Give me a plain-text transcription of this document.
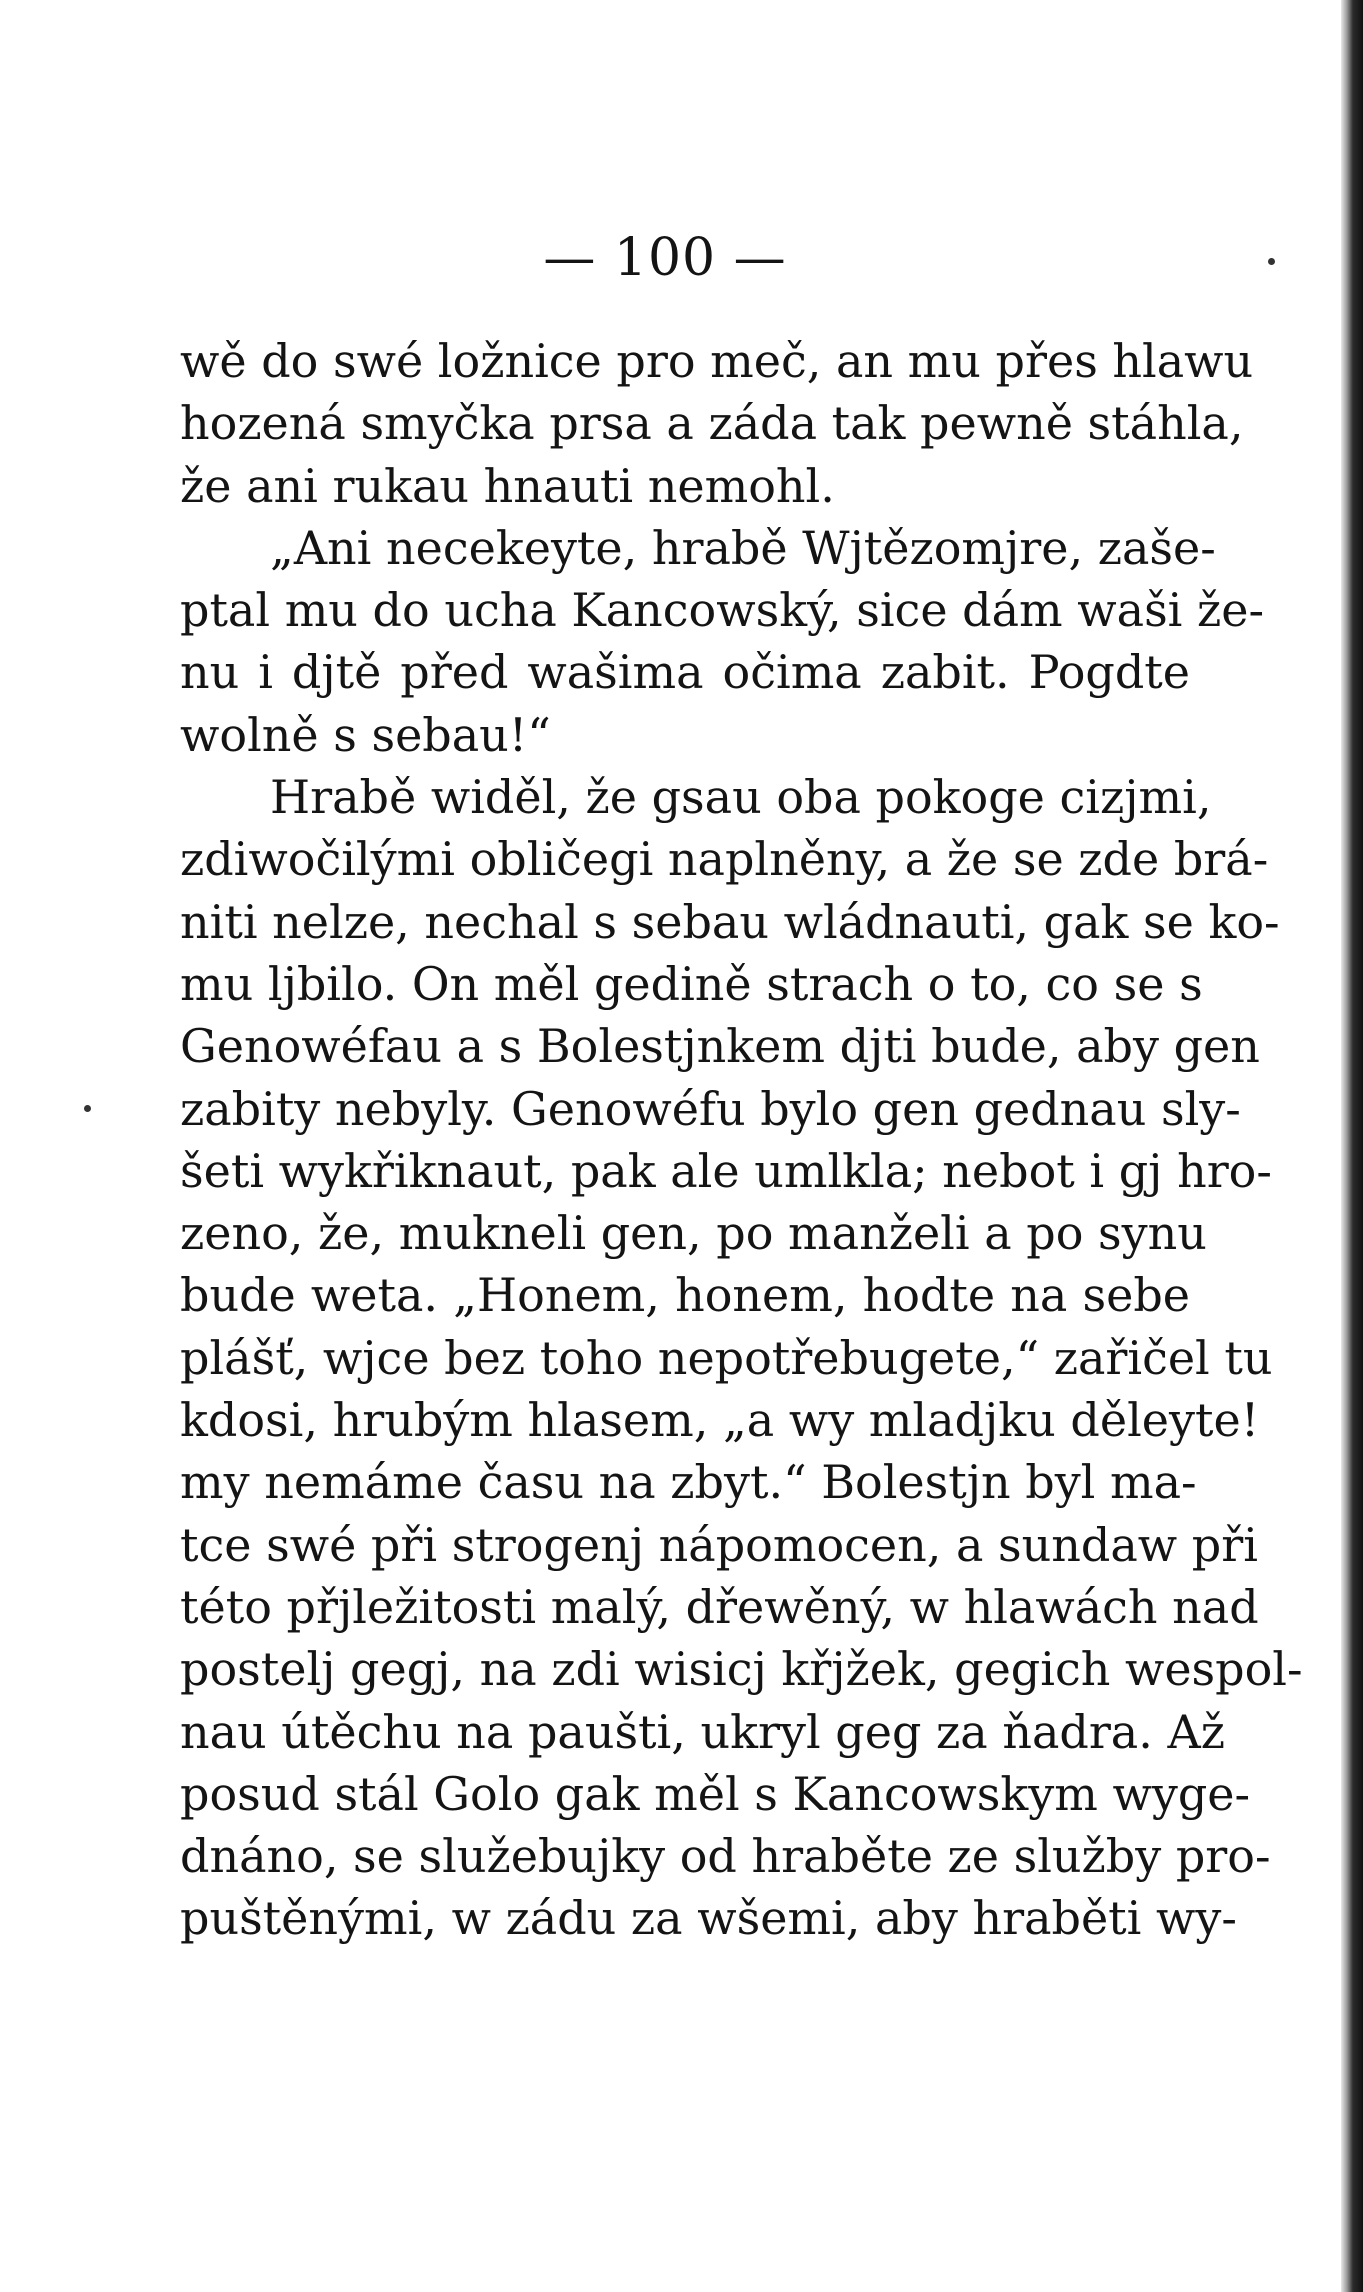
— 100 —
wě do swé ložnice pro meč, an mu přes hlawu
hozená smyčka prsa a záda tak pewně stáhla,
že ani rukau hnauti nemohl.
„Ani necekeyte, hrabě Wjtězomjre, zaše-
ptal mu do ucha Kancowský, sice dám waši že-
nu i djtě před wašima očima zabit. Pogdte
wolně s sebau!“
Hrabě widěl, že gsau oba pokoge cizjmi,
zdiwočilými obličegi naplněny, a že se zde brá-
niti nelze, nechal s sebau wládnauti, gak se ko-
mu ljbilo. On měl gedině strach o to, co se s
Genowéfau a s Bolestjnkem djti bude, aby gen
zabity nebyly. Genowéfu bylo gen gednau sly-
šeti wykřiknaut, pak ale umlkla; nebot i gj hro-
zeno, že, mukneli gen, po manželi a po synu
bude weta. „Honem, honem, hodte na sebe
plášť, wjce bez toho nepotřebugete,“ zařičel tu
kdosi, hrubým hlasem, „a wy mladjku děleyte!
my nemáme času na zbyt.“ Bolestjn byl ma-
tce swé při strogenj nápomocen, a sundaw při
této přjležitosti malý, dřewěný, w hlawách nad
postelj gegj, na zdi wisicj křjžek, gegich wespol-
nau útěchu na paušti, ukryl geg za ňadra. Až
posud stál Golo gak měl s Kancowskym wyge-
dnáno, se služebujky od hraběte ze služby pro-
puštěnými, w zádu za wšemi, aby hraběti wy-
